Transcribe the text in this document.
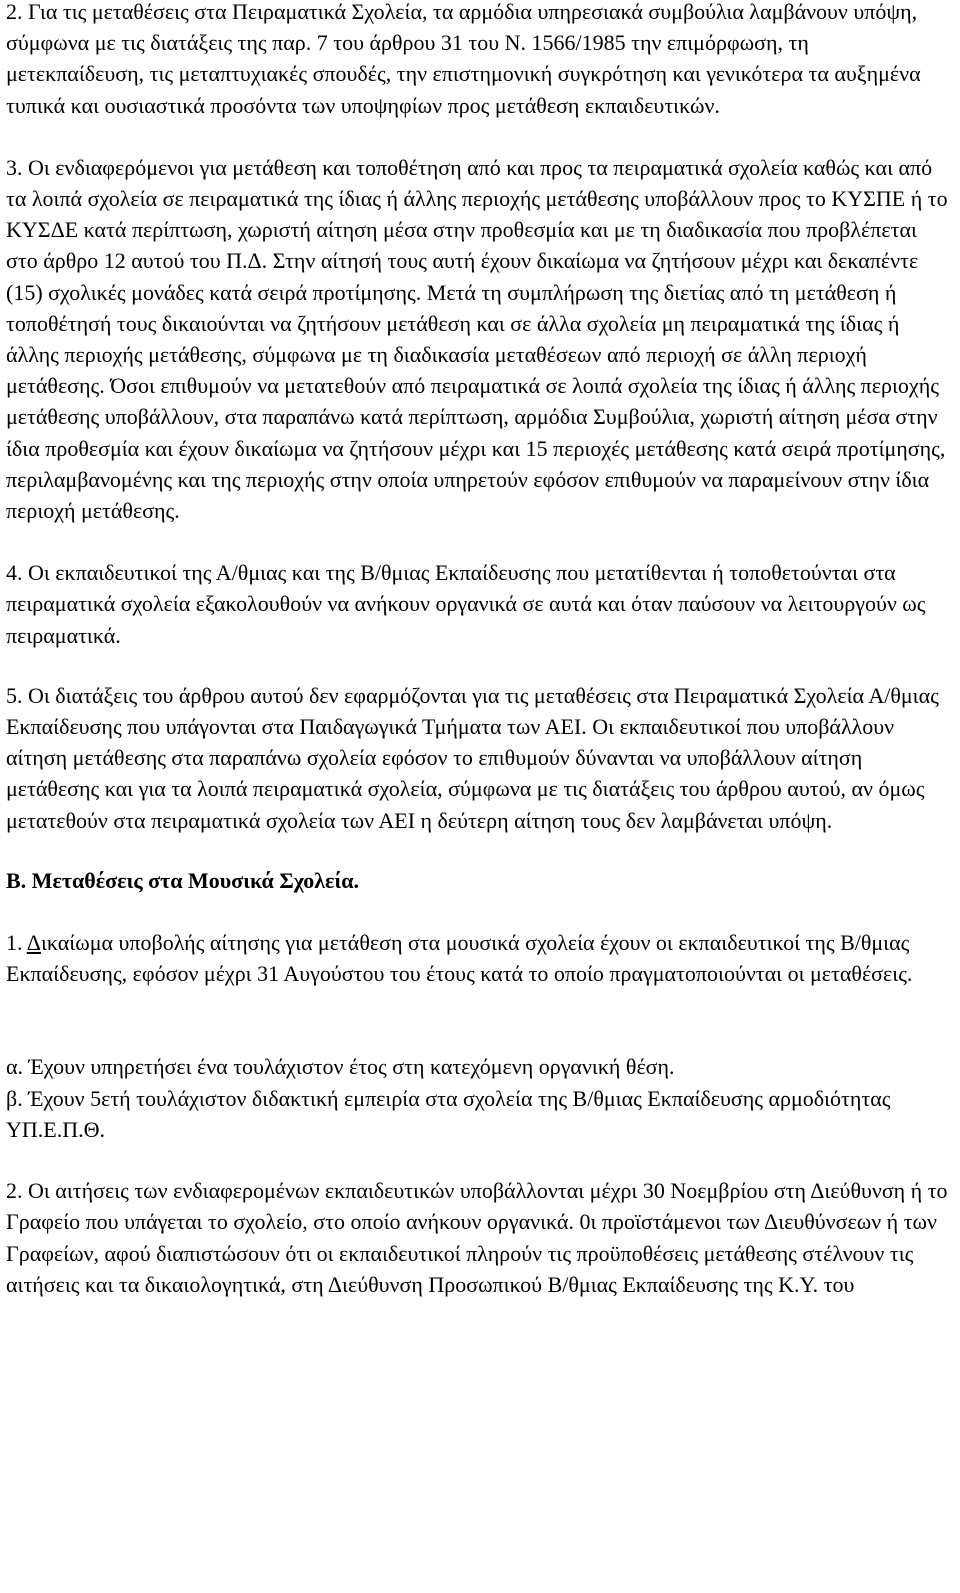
2. Για τις μεταθέσεις στα Πειραματικά Σχολεία, τα αρμόδια υπηρεσιακά συμβούλια λαμβάνουν υπόψη, σύμφωνα με τις διατάξεις της παρ. 7 του άρθρου 31 του Ν. 1566/1985 την επιμόρφωση, τη μετεκπαίδευση, τις μεταπτυχιακές σπουδές, την επιστημονική συγκρότηση και γενικότερα τα αυξημένα τυπικά και ουσιαστικά προσόντα των υποψηφίων προς μετάθεση εκπαιδευτικών.

3. Οι ενδιαφερόμενοι για μετάθεση και τοποθέτηση από και προς τα πειραματικά σχολεία καθώς και από τα λοιπά σχολεία σε πειραματικά της ίδιας ή άλλης περιοχής μετάθεσης υποβάλλουν προς το ΚΥΣΠΕ ή το ΚΥΣΔΕ κατά περίπτωση, χωριστή αίτηση μέσα στην προθεσμία και με τη διαδικασία που προβλέπεται στο άρθρο 12 αυτού του Π.Δ. Στην αίτησή τους αυτή έχουν δικαίωμα να ζητήσουν μέχρι και δεκαπέντε (15) σχολικές μονάδες κατά σειρά προτίμησης. Μετά τη συμπλήρωση της διετίας από τη μετάθεση ή τοποθέτησή τους δικαιούνται να ζητήσουν μετάθεση και σε άλλα σχολεία μη πειραματικά της ίδιας ή άλλης περιοχής μετάθεσης, σύμφωνα με τη διαδικασία μεταθέσεων από περιοχή σε άλλη περιοχή μετάθεσης. Όσοι επιθυμούν να μετατεθούν από πειραματικά σε λοιπά σχολεία της ίδιας ή άλλης περιοχής μετάθεσης υποβάλλουν, στα παραπάνω κατά περίπτωση, αρμόδια Συμβούλια, χωριστή αίτηση μέσα στην ίδια προθεσμία και έχουν δικαίωμα να ζητήσουν μέχρι και 15 περιοχές μετάθεσης κατά σειρά προτίμησης, περιλαμβανομένης και της περιοχής στην οποία υπηρετούν εφόσον επιθυμούν να παραμείνουν στην ίδια περιοχή μετάθεσης.

4. Οι εκπαιδευτικοί της Α/θμιας και της Β/θμιας Εκπαίδευσης που μετατίθενται ή τοποθετούνται στα πειραματικά σχολεία εξακολουθούν να ανήκουν οργανικά σε αυτά και όταν παύσουν να λειτουργούν ως πειραματικά.

5. Οι διατάξεις του άρθρου αυτού δεν εφαρμόζονται για τις μεταθέσεις στα Πειραματικά Σχολεία Α/θμιας Εκπαίδευσης που υπάγονται στα Παιδαγωγικά Τμήματα των ΑΕΙ. Οι εκπαιδευτικοί που υποβάλλουν αίτηση μετάθεσης στα παραπάνω σχολεία εφόσον το επιθυμούν δύνανται να υποβάλλουν αίτηση μετάθεσης και για τα λοιπά πειραματικά σχολεία, σύμφωνα με τις διατάξεις του άρθρου αυτού, αν όμως μετατεθούν στα πειραματικά σχολεία των ΑΕΙ η δεύτερη αίτηση τους δεν λαμβάνεται υπόψη.

Β. Μεταθέσεις στα Μουσικά Σχολεία.

1. Δικαίωμα υποβολής αίτησης για μετάθεση στα μουσικά σχολεία έχουν οι εκπαιδευτικοί της Β/θμιας Εκπαίδευσης, εφόσον μέχρι 31 Αυγούστου του έτους κατά το οποίο πραγματοποιούνται οι μεταθέσεις.

α. Έχουν υπηρετήσει ένα τουλάχιστον έτος στη κατεχόμενη οργανική θέση.

β. Έχουν 5ετή τουλάχιστον διδακτική εμπειρία στα σχολεία της Β/θμιας Εκπαίδευσης αρμοδιότητας ΥΠ.Ε.Π.Θ.

2. Οι αιτήσεις των ενδιαφερομένων εκπαιδευτικών υποβάλλονται μέχρι 30 Νοεμβρίου στη Διεύθυνση ή το Γραφείο που υπάγεται το σχολείο, στο οποίο ανήκουν οργανικά. 0ι προϊστάμενοι των Διευθύνσεων ή των Γραφείων, αφού διαπιστώσουν ότι οι εκπαιδευτικοί πληρούν τις προϋποθέσεις μετάθεσης στέλνουν τις αιτήσεις και τα δικαιολογητικά, στη Διεύθυνση Προσωπικού Β/θμιας Εκπαίδευσης της Κ.Υ. του
